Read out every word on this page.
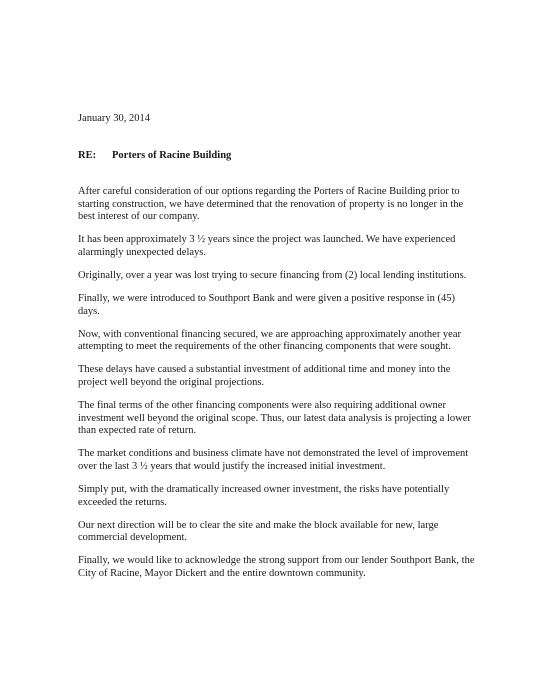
January 30, 2014
RE: Porters of Racine Building

After careful consideration of our options regarding the Porters of Racine Building prior to starting construction, we have determined that the renovation of property is no longer in the best interest of our company.

It has been approximately 3 ½ years since the project was launched. We have experienced alarmingly unexpected delays.

Originally, over a year was lost trying to secure financing from (2) local lending institutions.

Finally, we were introduced to Southport Bank and were given a positive response in (45) days.

Now, with conventional financing secured, we are approaching approximately another year attempting to meet the requirements of the other financing components that were sought.

These delays have caused a substantial investment of additional time and money into the project well beyond the original projections.

The final terms of the other financing components were also requiring additional owner investment well beyond the original scope. Thus, our latest data analysis is projecting a lower than expected rate of return.

The market conditions and business climate have not demonstrated the level of improvement over the last 3 ½ years that would justify the increased initial investment.

Simply put, with the dramatically increased owner investment, the risks have potentially exceeded the returns.

Our next direction will be to clear the site and make the block available for new, large commercial development.

Finally, we would like to acknowledge the strong support from our lender Southport Bank, the City of Racine, Mayor Dickert and the entire downtown community.
